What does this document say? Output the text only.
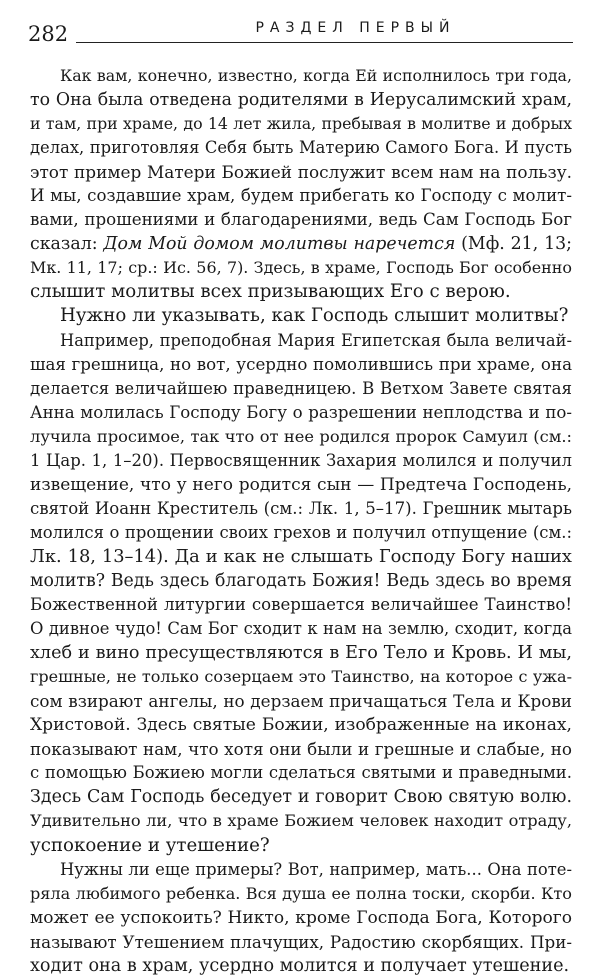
282	РАЗДЕЛ ПЕРВЫЙ
Как вам, конечно, известно, когда Ей исполнилось три года,
то Она была отведена родителями в Иерусалимский храм,
и там, при храме, до 14 лет жила, пребывая в молитве и добрых
делах, приготовляя Себя быть Материю Самого Бога. И пусть
этот пример Матери Божией послужит всем нам на пользу.
И мы, создавшие храм, будем прибегать ко Господу с молит-
вами, прошениями и благодарениями, ведь Сам Господь Бог
сказал: Дом Мой домом молитвы наречется (Мф. 21, 13;
Мк. 11, 17; ср.: Ис. 56, 7). Здесь, в храме, Господь Бог особенно
слышит молитвы всех призывающих Его с верою.
Нужно ли указывать, как Господь слышит молитвы?
Например, преподобная Мария Египетская была величай-
шая грешница, но вот, усердно помолившись при храме, она
делается величайшею праведницею. В Ветхом Завете святая
Анна молилась Господу Богу о разрешении неплодства и по-
лучила просимое, так что от нее родился пророк Самуил (см.:
1 Цар. 1, 1–20). Первосвященник Захария молился и получил
извещение, что у него родится сын — Предтеча Господень,
святой Иоанн Креститель (см.: Лк. 1, 5–17). Грешник мытарь
молился о прощении своих грехов и получил отпущение (см.:
Лк. 18, 13–14). Да и как не слышать Господу Богу наших
молитв? Ведь здесь благодать Божия! Ведь здесь во время
Божественной литургии совершается величайшее Таинство!
О дивное чудо! Сам Бог сходит к нам на землю, сходит, когда
хлеб и вино пресуществляются в Его Тело и Кровь. И мы,
грешные, не только созерцаем это Таинство, на которое с ужа-
сом взирают ангелы, но дерзаем причащаться Тела и Крови
Христовой. Здесь святые Божии, изображенные на иконах,
показывают нам, что хотя они были и грешные и слабые, но
с помощью Божиею могли сделаться святыми и праведными.
Здесь Сам Господь беседует и говорит Свою святую волю.
Удивительно ли, что в храме Божием человек находит отраду,
успокоение и утешение?
Нужны ли еще примеры? Вот, например, мать... Она поте-
ряла любимого ребенка. Вся душа ее полна тоски, скорби. Кто
может ее успокоить? Никто, кроме Господа Бога, Которого
называют Утешением плачущих, Радостию скорбящих. При-
ходит она в храм, усердно молится и получает утешение.
